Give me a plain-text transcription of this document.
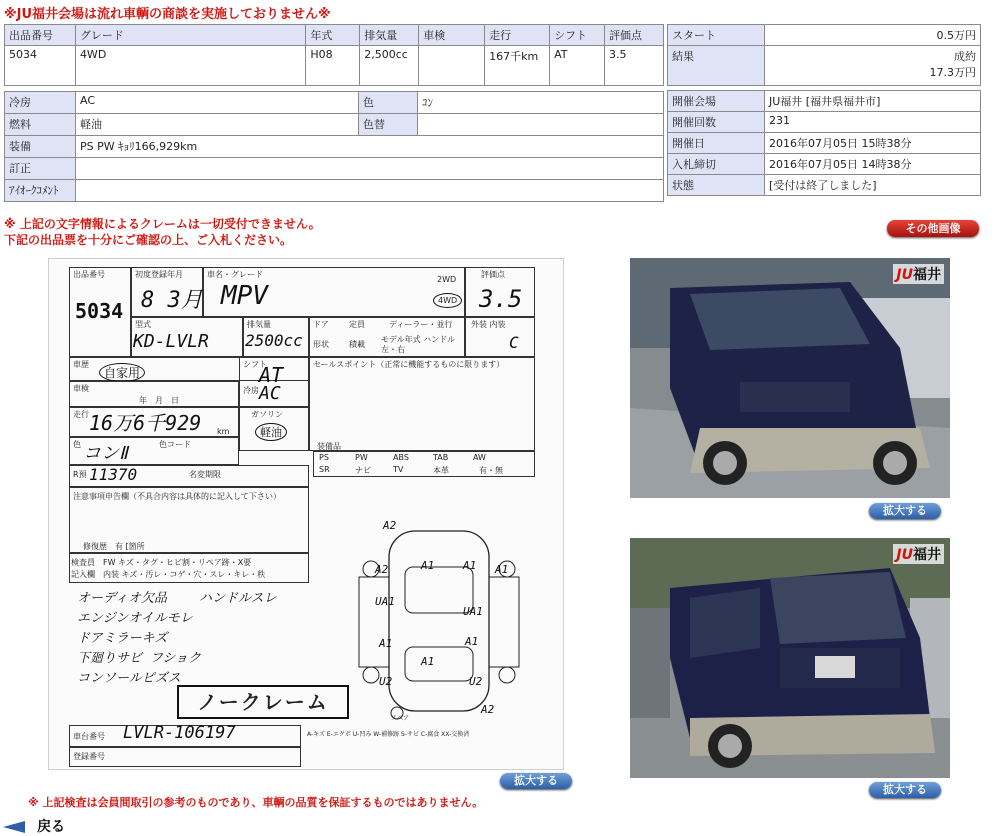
※JU福井会場は流れ車輌の商談を実施しておりません※
出品番号	グレード	年式	排気量	車検	走行	シフト	評価点
5034	4WD	H08	2,500cc		167千km	AT	3.5
冷房	AC	色	ｺﾝ
燃料	軽油	色替	
装備	PS PW ｷｮﾘ166,929km		
訂正			
ｱｲｵｰｸｺﾒﾝﾄ			
スタート	0.5万円
結果	成約
17.3万円
開催会場	JU福井 [福井県福井市]
開催回数	231
開催日	2016年07月05日 15時38分
入札締切	2016年07月05日 14時38分
状態	[受付は終了しました]
※ 上記の文字情報によるクレームは一切受付できません。
下記の出品票を十分にご確認の上、ご入札ください。
その他画像
出品番号
5034
初度登録年月
8 3月
車名・グレード
MPV
2WD
4WD
評価点
3.5
型式
KD-LVLR
排気量
2500cc
ドア	定員	ディーラー・並行
形状	積載
モデル年式 ハンドル 左・右
外装 内装
C
車歴
自家用
シフト
AT	セールスポイント（正常に機能するものに限ります）
車検
年　月　日
冷房 AC
走行 16万6千929 km
ガソリン
軽油
色 コンⅡ	色コード	装備品
PS	PW	ABS	TAB	AW
SR	ナビ	TV	本革	有・無
R預 11370	名変期限
注意事項申告欄（不具合内容は具体的に記入して下さい）
修復歴　有 [箇所
検査員 記入欄
FW キズ・タグ・ヒビ割・リペア跡・X要
内装 キズ・汚レ・コゲ・穴・スレ・キレ・秩
オーディオ欠品 ハンドルスレ
エンジンオイルモレ
ドアミラーキズ
下廻りサビ フショク
コンソールピズス
ノークレーム
車台番号 LVLR-106197
登録番号
A-キズ E-エクボ U-凹み W-補修跡 S-サビ C-腐食 XX-交換済
A2
A1	A1
A2	A1
UA1
UA1
A1	A1
A1
U2	U2
A2
スペア
拡大する
JU福井
拡大する
JU福井
拡大する
※ 上記検査は会員間取引の参考のものであり、車輌の品質を保証するものではありません。
戻る
